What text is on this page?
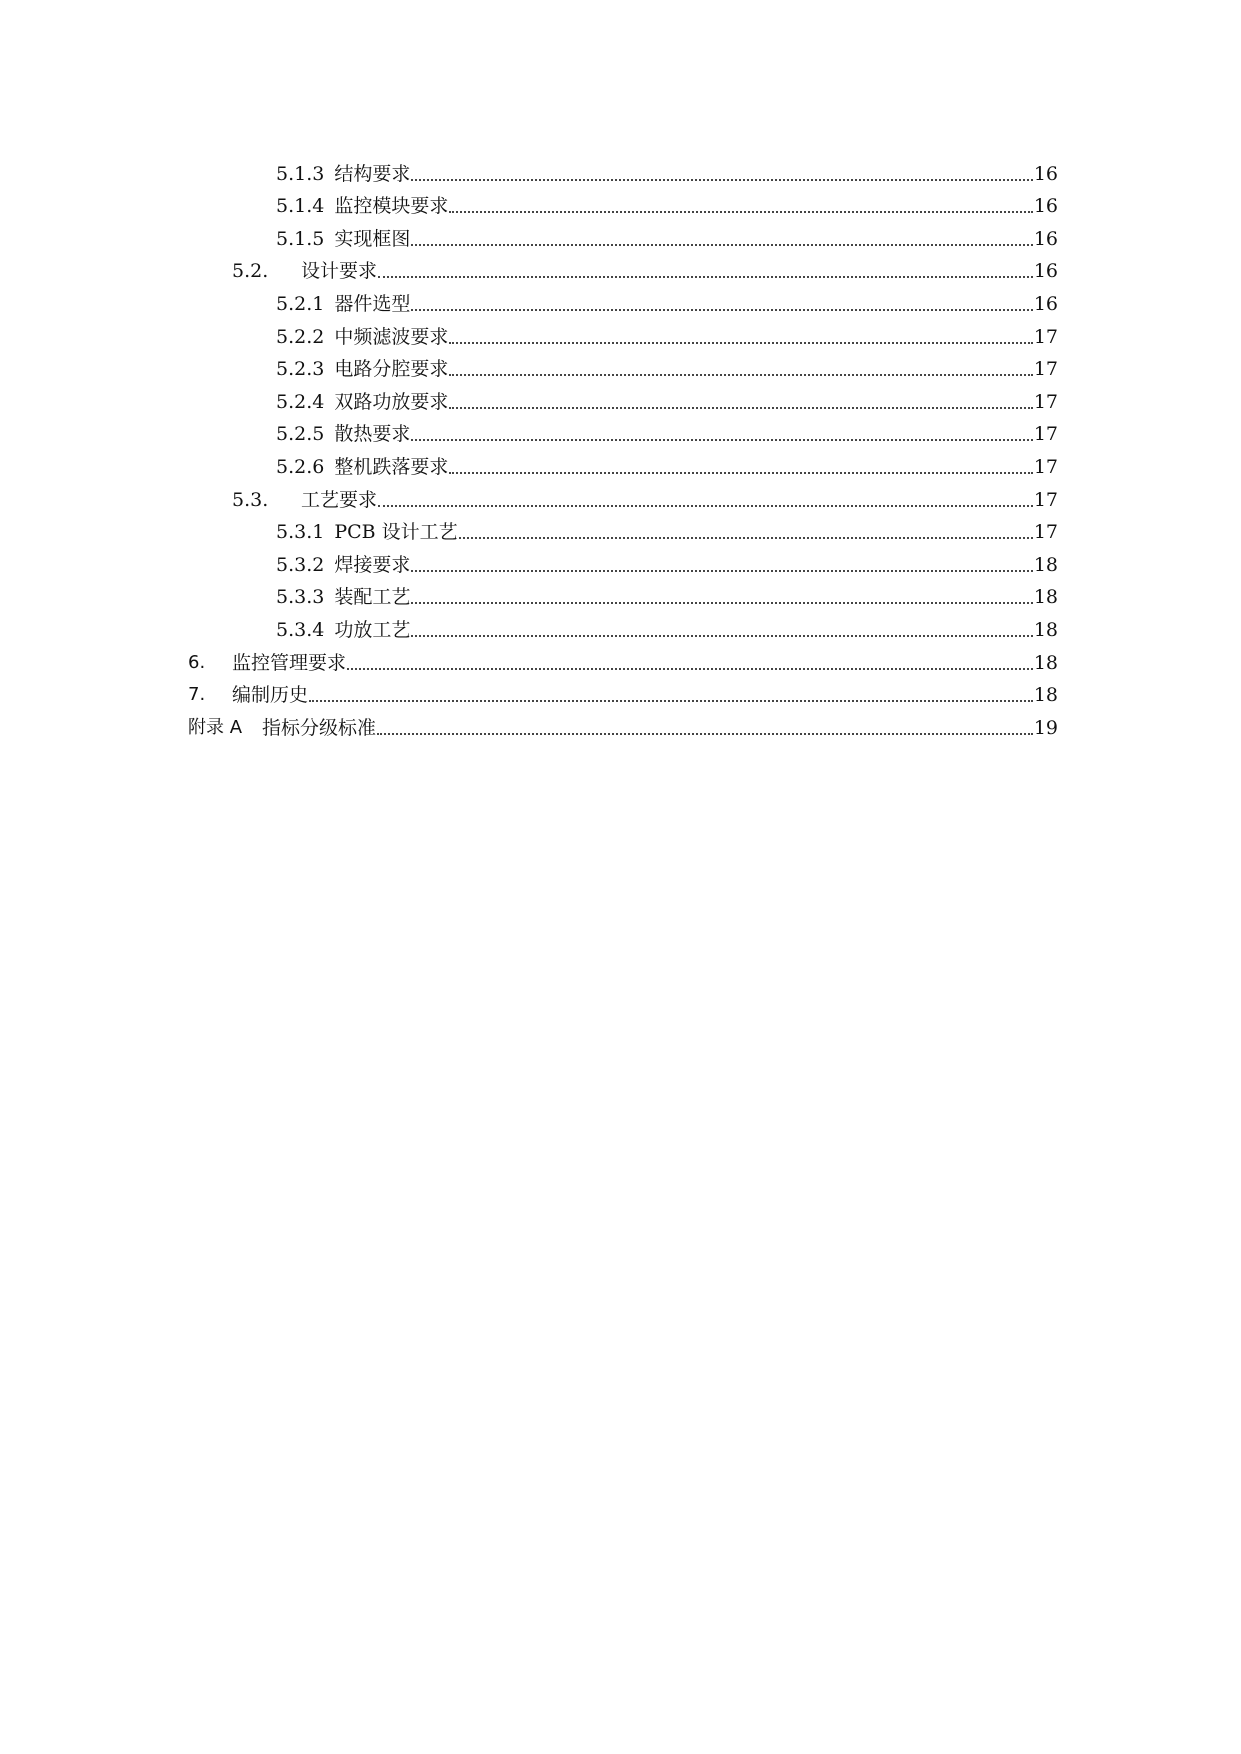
5.1.3 结构要求	16
5.1.4 监控模块要求	16
5.1.5 实现框图	16
5.2.	设计要求	16
5.2.1 器件选型	16
5.2.2 中频滤波要求	17
5.2.3 电路分腔要求	17
5.2.4 双路功放要求	17
5.2.5 散热要求	17
5.2.6 整机跌落要求	17
5.3.	工艺要求	17
5.3.1 PCB 设计工艺	17
5.3.2 焊接要求	18
5.3.3 装配工艺	18
5.3.4 功放工艺	18
6.	监控管理要求	18
7.	编制历史	18
附录 A 指标分级标准	19
